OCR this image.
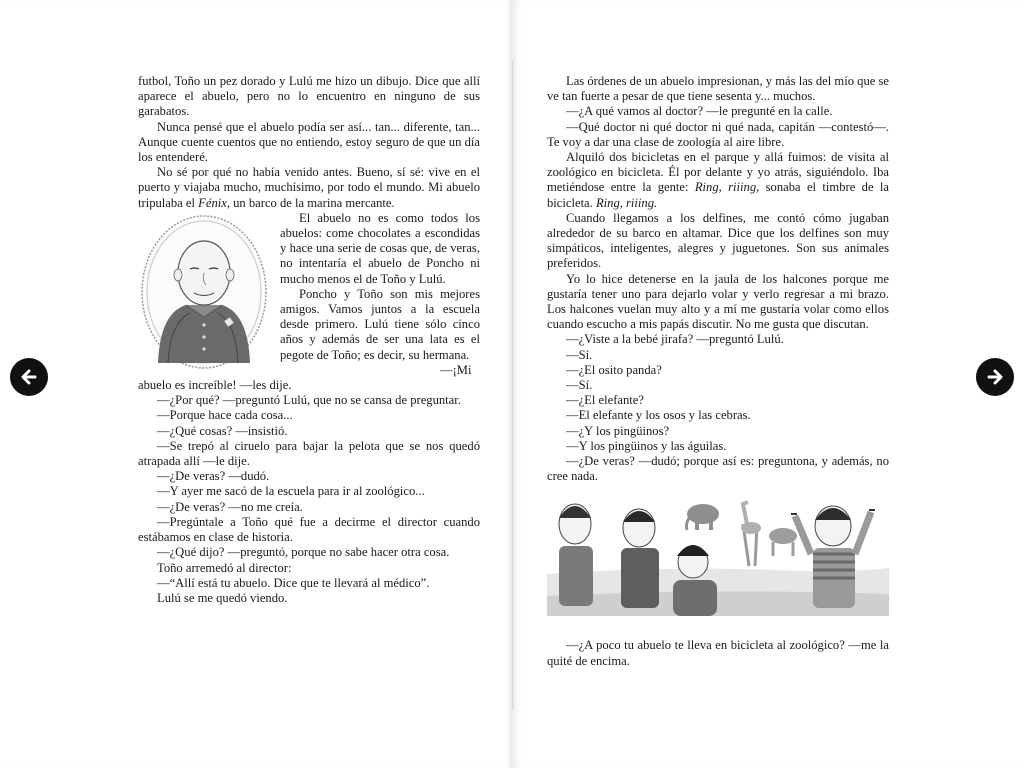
futbol, Toño un pez dorado y Lulú me hizo un dibujo. Dice que allí aparece el abuelo, pero no lo encuentro en ninguno de sus garabatos.

Nunca pensé que el abuelo podía ser así... tan... diferente, tan... Aunque cuente cuentos que no entiendo, estoy seguro de que un día los entenderé.

No sé por qué no había venido antes. Bueno, sí sé: vive en el puerto y viajaba mucho, muchísimo, por todo el mundo. Mi abuelo tripulaba el Fénix, un barco de la marina mercante.

El abuelo no es como todos los abuelos: come chocolates a escondidas y hace una serie de cosas que, de veras, no intentaría el abuelo de Poncho ni mucho menos el de Toño y Lulú.

Poncho y Toño son mis mejores amigos. Vamos juntos a la escuela desde primero. Lulú tiene sólo cinco años y además de ser una lata es el pegote de Toño; es decir, su hermana.

—¡Mi abuelo es increíble! —les dije.

—¿Por qué? —preguntó Lulú, que no se cansa de preguntar.

—Porque hace cada cosa...

—¿Qué cosas? —insistió.

—Se trepó al ciruelo para bajar la pelota que se nos quedó atrapada allí —le dije.

—¿De veras? —dudó.

—Y ayer me sacó de la escuela para ir al zoológico...

—¿De veras? —no me creía.

—Pregúntale a Toño qué fue a decirme el director cuando estábamos en clase de historia.

—¿Qué dijo? —preguntó, porque no sabe hacer otra cosa.

Toño arremedó al director:

—“Allí está tu abuelo. Dice que te llevará al médico”.

Lulú se me quedó viendo.

Las órdenes de un abuelo impresionan, y más las del mío que se ve tan fuerte a pesar de que tiene sesenta y... muchos.

—¿A qué vamos al doctor? —le pregunté en la calle.

—Qué doctor ni qué doctor ni qué nada, capitán —contestó—. Te voy a dar una clase de zoología al aire libre.

Alquiló dos bicicletas en el parque y allá fuimos: de visita al zoológico en bicicleta. Él por delante y yo atrás, siguiéndolo. Iba metiéndose entre la gente: Ring, riiing, sonaba el timbre de la bicicleta. Ring, riiing.

Cuando llegamos a los delfines, me contó cómo jugaban alrededor de su barco en altamar. Dice que los delfines son muy simpáticos, inteligentes, alegres y juguetones. Son sus animales preferidos.

Yo lo hice detenerse en la jaula de los halcones porque me gustaría tener uno para dejarlo volar y verlo regresar a mi brazo. Los halcones vuelan muy alto y a mí me gustaría volar como ellos cuando escucho a mis papás discutir. No me gusta que discutan.

—¿Viste a la bebé jirafa? —preguntó Lulú.

—Sí.

—¿El osito panda?

—Sí.

—¿El elefante?

—El elefante y los osos y las cebras.

—¿Y los pingüinos?

—Y los pingüinos y las águilas.

—¿De veras? —dudó; porque así es: preguntona, y además, no cree nada.

—¿A poco tu abuelo te lleva en bicicleta al zoológico? —me la quité de encima.
